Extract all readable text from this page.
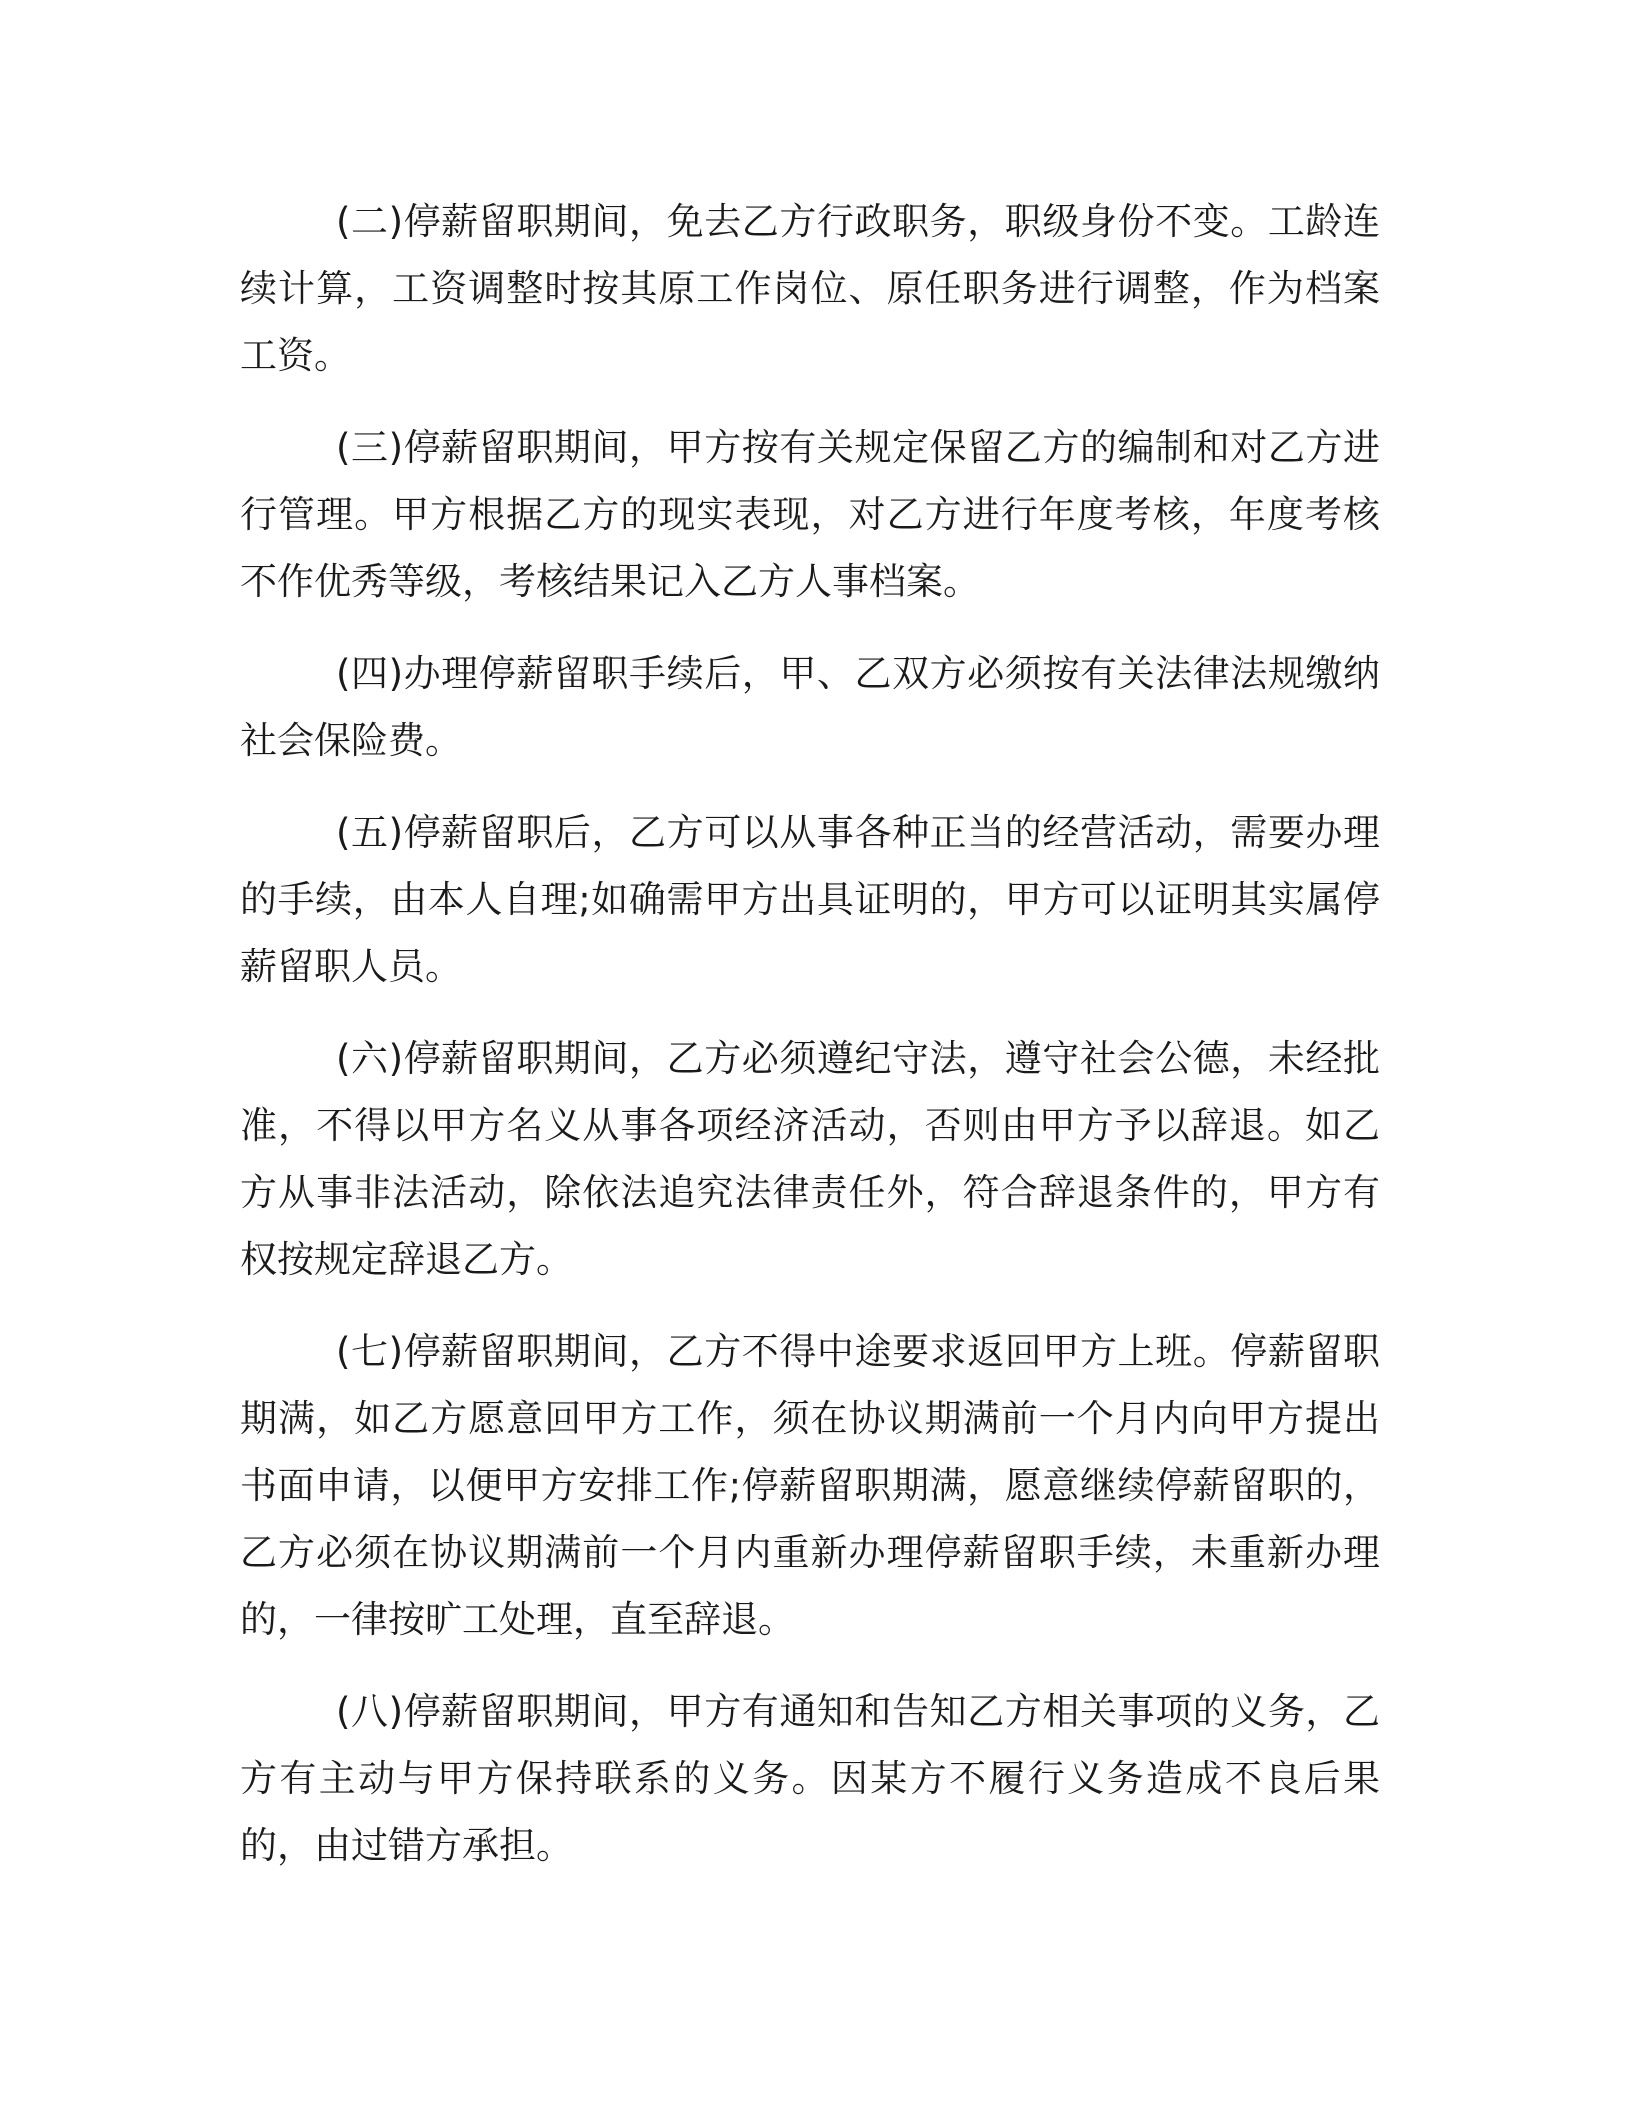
(二)停薪留职期间，免去乙方行政职务，职级身份不变。工龄连续计算，工资调整时按其原工作岗位、原任职务进行调整，作为档案工资。

(三)停薪留职期间，甲方按有关规定保留乙方的编制和对乙方进行管理。甲方根据乙方的现实表现，对乙方进行年度考核，年度考核不作优秀等级，考核结果记入乙方人事档案。

(四)办理停薪留职手续后，甲、乙双方必须按有关法律法规缴纳社会保险费。

(五)停薪留职后，乙方可以从事各种正当的经营活动，需要办理的手续，由本人自理;如确需甲方出具证明的，甲方可以证明其实属停薪留职人员。

(六)停薪留职期间，乙方必须遵纪守法，遵守社会公德，未经批准，不得以甲方名义从事各项经济活动，否则由甲方予以辞退。如乙方从事非法活动，除依法追究法律责任外，符合辞退条件的，甲方有权按规定辞退乙方。

(七)停薪留职期间，乙方不得中途要求返回甲方上班。停薪留职期满，如乙方愿意回甲方工作，须在协议期满前一个月内向甲方提出书面申请，以便甲方安排工作;停薪留职期满，愿意继续停薪留职的，乙方必须在协议期满前一个月内重新办理停薪留职手续，未重新办理的，一律按旷工处理，直至辞退。

(八)停薪留职期间，甲方有通知和告知乙方相关事项的义务，乙方有主动与甲方保持联系的义务。因某方不履行义务造成不良后果的，由过错方承担。
